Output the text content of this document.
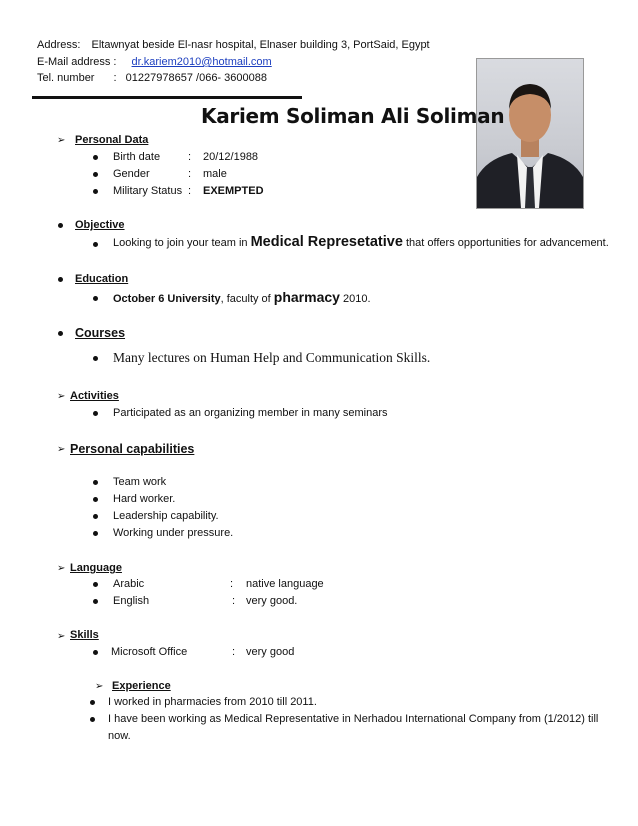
Address: Eltawnyat beside El-nasr hospital, Elnaser building 3, PortSaid, Egypt
E-Mail address : dr.kariem2010@hotmail.com
Tel. number : 01227978657 /066- 3600088
Kariem Soliman Ali Soliman
➢ Personal Data
Birth date	: 20/12/1988
Gender	: male
Military Status : EXEMPTED
Objective
Looking to join your team in Medical Represetative that offers opportunities for advancement.
Education
October 6 University, faculty of pharmacy 2010.
Courses
Many lectures on Human Help and Communication Skills.
➢ Activities
Participated as an organizing member in many seminars
➢ Personal capabilities
Team work
Hard worker.
Leadership capability.
Working under pressure.
➢ Language
Arabic	: native language
English	: very good.
➢ Skills
Microsoft Office	: very good
➢ Experience
I worked in pharmacies from 2010 till 2011.
I have been working as Medical Representative in Nerhadou International Company from (1/2012) till
now.
